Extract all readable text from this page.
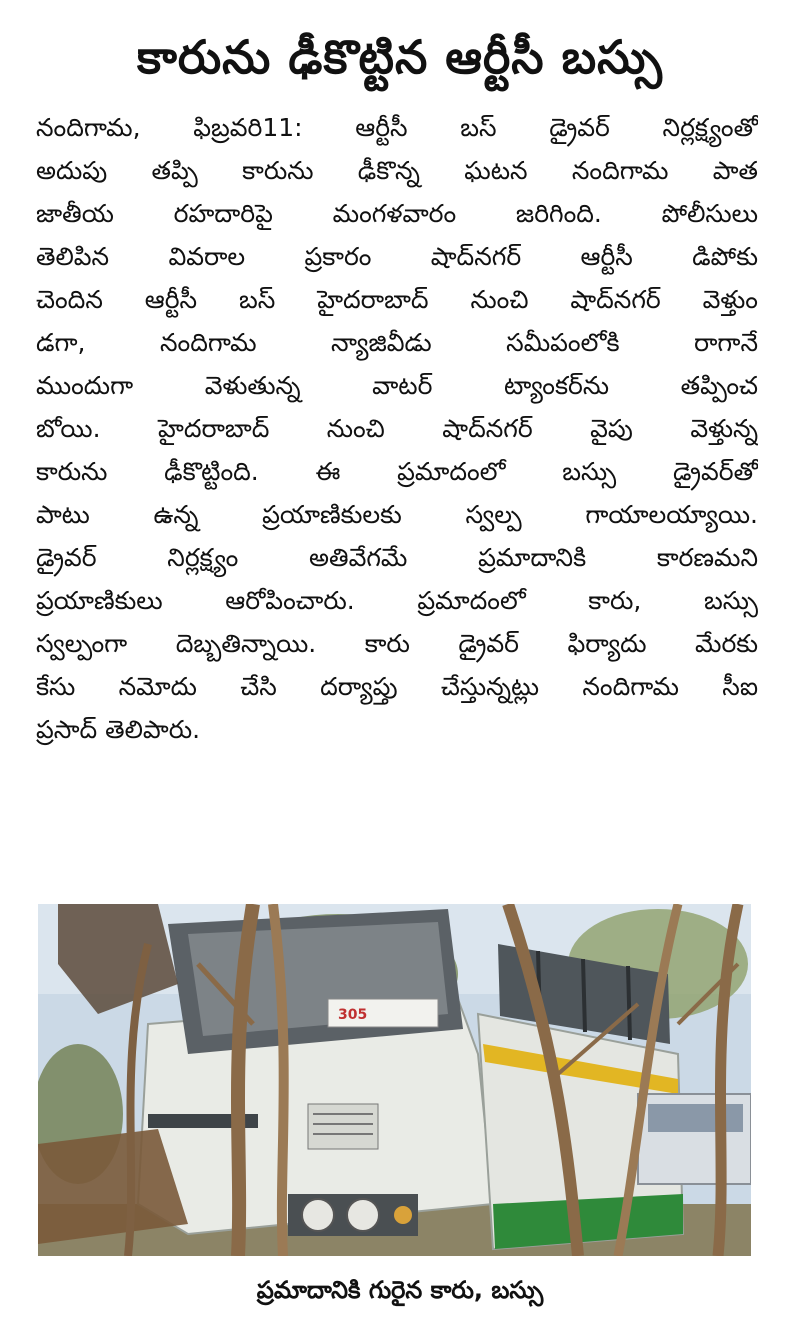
కారును ఢీకొట్టిన ఆర్టీసీ బస్సు
నందిగామ, ఫిబ్రవరి11: ఆర్టీసీ బస్ డ్రైవర్ నిర్లక్ష్యంతో
అదుపు తప్పి కారును ఢీకొన్న ఘటన నందిగామ పాత
జాతీయ రహదారిపై మంగళవారం జరిగింది. పోలీసులు
తెలిపిన వివరాల ప్రకారం షాద్‌నగర్ ఆర్టీసీ డిపోకు
చెందిన ఆర్టీసీ బస్ హైదరాబాద్ నుంచి షాద్‌నగర్ వెళ్తుం
డగా, నందిగామ న్యాజివీడు సమీపంలోకి రాగానే
ముందుగా వెళుతున్న వాటర్ ట్యాంకర్‌ను తప్పించ
బోయి. హైదరాబాద్ నుంచి షాద్‌నగర్ వైపు వెళ్తున్న
కారును ఢీకొట్టింది. ఈ ప్రమాదంలో బస్సు డ్రైవర్‌తో
పాటు ఉన్న ప్రయాణికులకు స్వల్ప గాయాలయ్యాయి.
డ్రైవర్ నిర్లక్ష్యం అతివేగమే ప్రమాదానికి కారణమని
ప్రయాణికులు ఆరోపించారు. ప్రమాదంలో కారు, బస్సు
స్వల్పంగా దెబ్బతిన్నాయి. కారు డ్రైవర్ ఫిర్యాదు మేరకు
కేసు నమోదు చేసి దర్యాప్తు చేస్తున్నట్లు నందిగామ సీఐ
ప్రసాద్ తెలిపారు.
305
ప్రమాదానికి గురైన కారు, బస్సు
